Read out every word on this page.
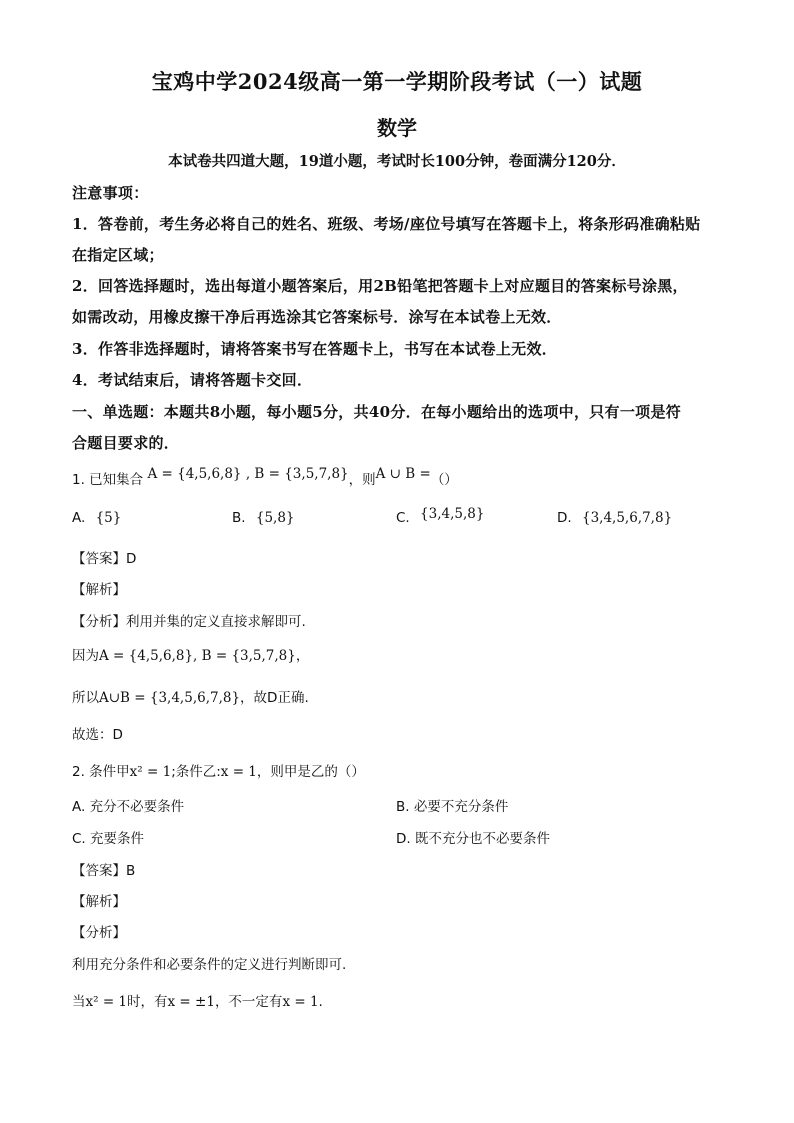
宝鸡中学2024级高一第一学期阶段考试（一）试题
数学
本试卷共四道大题，19道小题，考试时长100分钟，卷面满分120分．
注意事项：
1．答卷前，考生务必将自己的姓名、班级、考场/座位号填写在答题卡上，将条形码准确粘贴
在指定区域；
2．回答选择题时，选出每道小题答案后，用2B铅笔把答题卡上对应题目的答案标号涂黑，
如需改动，用橡皮擦干净后再选涂其它答案标号．涂写在本试卷上无效．
3．作答非选择题时，请将答案书写在答题卡上，书写在本试卷上无效．
4．考试结束后，请将答题卡交回．
一、单选题：本题共8小题，每小题5分，共40分．在每小题给出的选项中，只有一项是符
合题目要求的．
1. 已知集合 A = {4,5,6,8} , B = {3,5,7,8}，则A ∪ B =（）
A. {5}	B. {5,8}	C. {3,4,5,8}	D. {3,4,5,6,7,8}
【答案】D
【解析】
【分析】利用并集的定义直接求解即可.
因为A = {4,5,6,8}, B = {3,5,7,8}，
所以A∪B = {3,4,5,6,7,8}，故D正确.
故选：D
2. 条件甲x² = 1;条件乙:x = 1，则甲是乙的（）
A. 充分不必要条件	B. 必要不充分条件
C. 充要条件	D. 既不充分也不必要条件
【答案】B
【解析】
【分析】
利用充分条件和必要条件的定义进行判断即可.
当x² = 1时，有x = ±1，不一定有x = 1.
